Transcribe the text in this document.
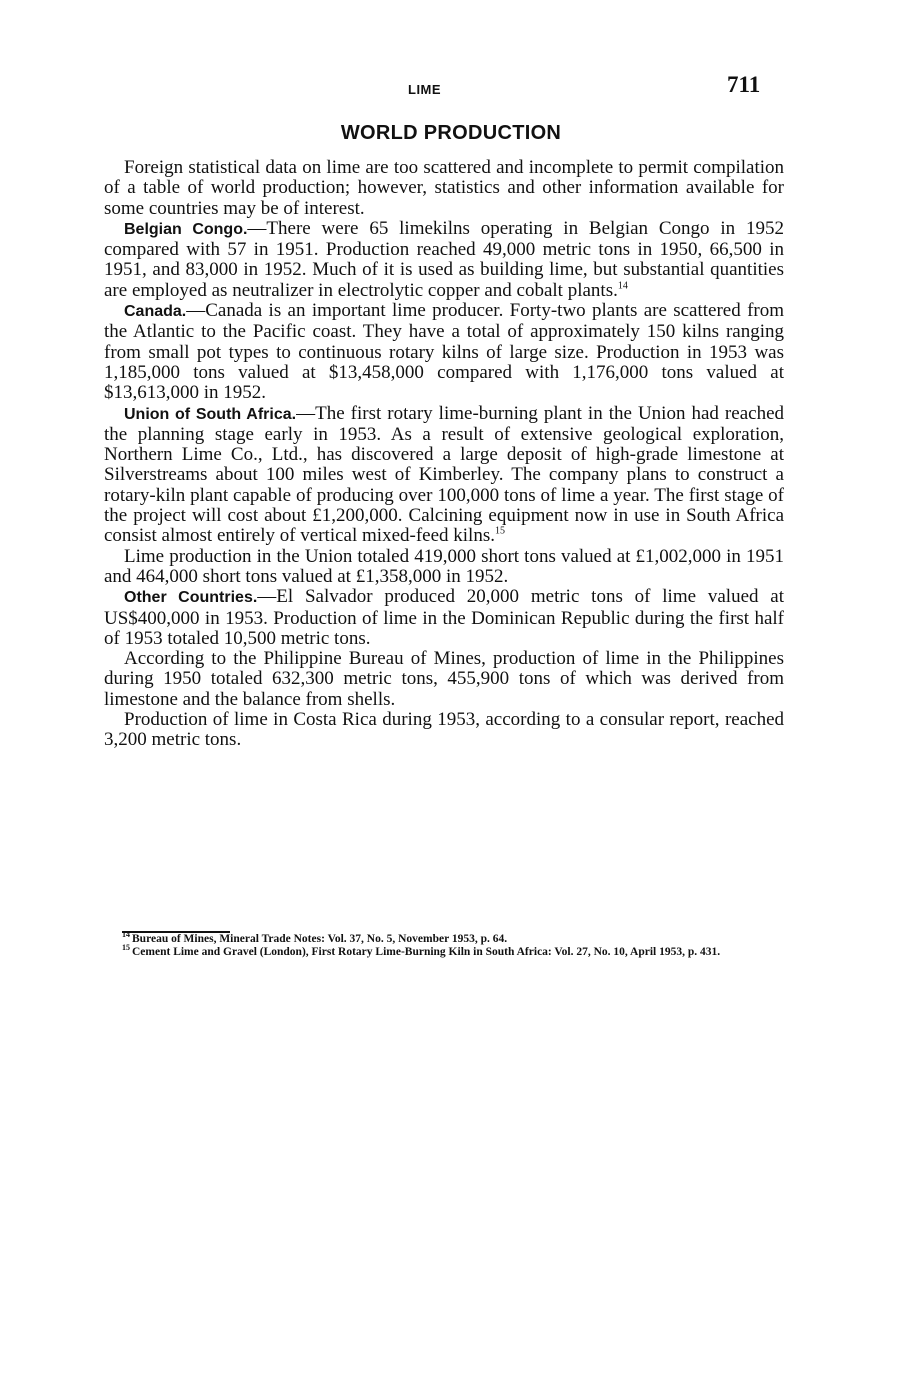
LIME	711
WORLD PRODUCTION

Foreign statistical data on lime are too scattered and incomplete to permit compilation of a table of world production; however, statistics and other information available for some countries may be of interest.

Belgian Congo.—There were 65 limekilns operating in Belgian Congo in 1952 compared with 57 in 1951. Production reached 49,000 metric tons in 1950, 66,500 in 1951, and 83,000 in 1952. Much of it is used as building lime, but substantial quantities are employed as neutralizer in electrolytic copper and cobalt plants.$^{14}$

Canada.—Canada is an important lime producer. Forty-two plants are scattered from the Atlantic to the Pacific coast. They have a total of approximately 150 kilns ranging from small pot types to continuous rotary kilns of large size. Production in 1953 was 1,185,000 tons valued at $13,458,000 compared with 1,176,000 tons valued at $13,613,000 in 1952.

Union of South Africa.—The first rotary lime-burning plant in the Union had reached the planning stage early in 1953. As a result of extensive geological exploration, Northern Lime Co., Ltd., has discovered a large deposit of high-grade limestone at Silverstreams about 100 miles west of Kimberley. The company plans to construct a rotary-kiln plant capable of producing over 100,000 tons of lime a year. The first stage of the project will cost about £1,200,000. Calcining equipment now in use in South Africa consist almost entirely of vertical mixed-feed kilns.$^{15}$

Lime production in the Union totaled 419,000 short tons valued at £1,002,000 in 1951 and 464,000 short tons valued at £1,358,000 in 1952.

Other Countries.—El Salvador produced 20,000 metric tons of lime valued at US$400,000 in 1953. Production of lime in the Dominican Republic during the first half of 1953 totaled 10,500 metric tons.

According to the Philippine Bureau of Mines, production of lime in the Philippines during 1950 totaled 632,300 metric tons, 455,900 tons of which was derived from limestone and the balance from shells.

Production of lime in Costa Rica during 1953, according to a consular report, reached 3,200 metric tons.

$^{14}$ Bureau of Mines, Mineral Trade Notes: Vol. 37, No. 5, November 1953, p. 64.

$^{15}$ Cement Lime and Gravel (London), First Rotary Lime-Burning Kiln in South Africa: Vol. 27, No. 10, April 1953, p. 431.
